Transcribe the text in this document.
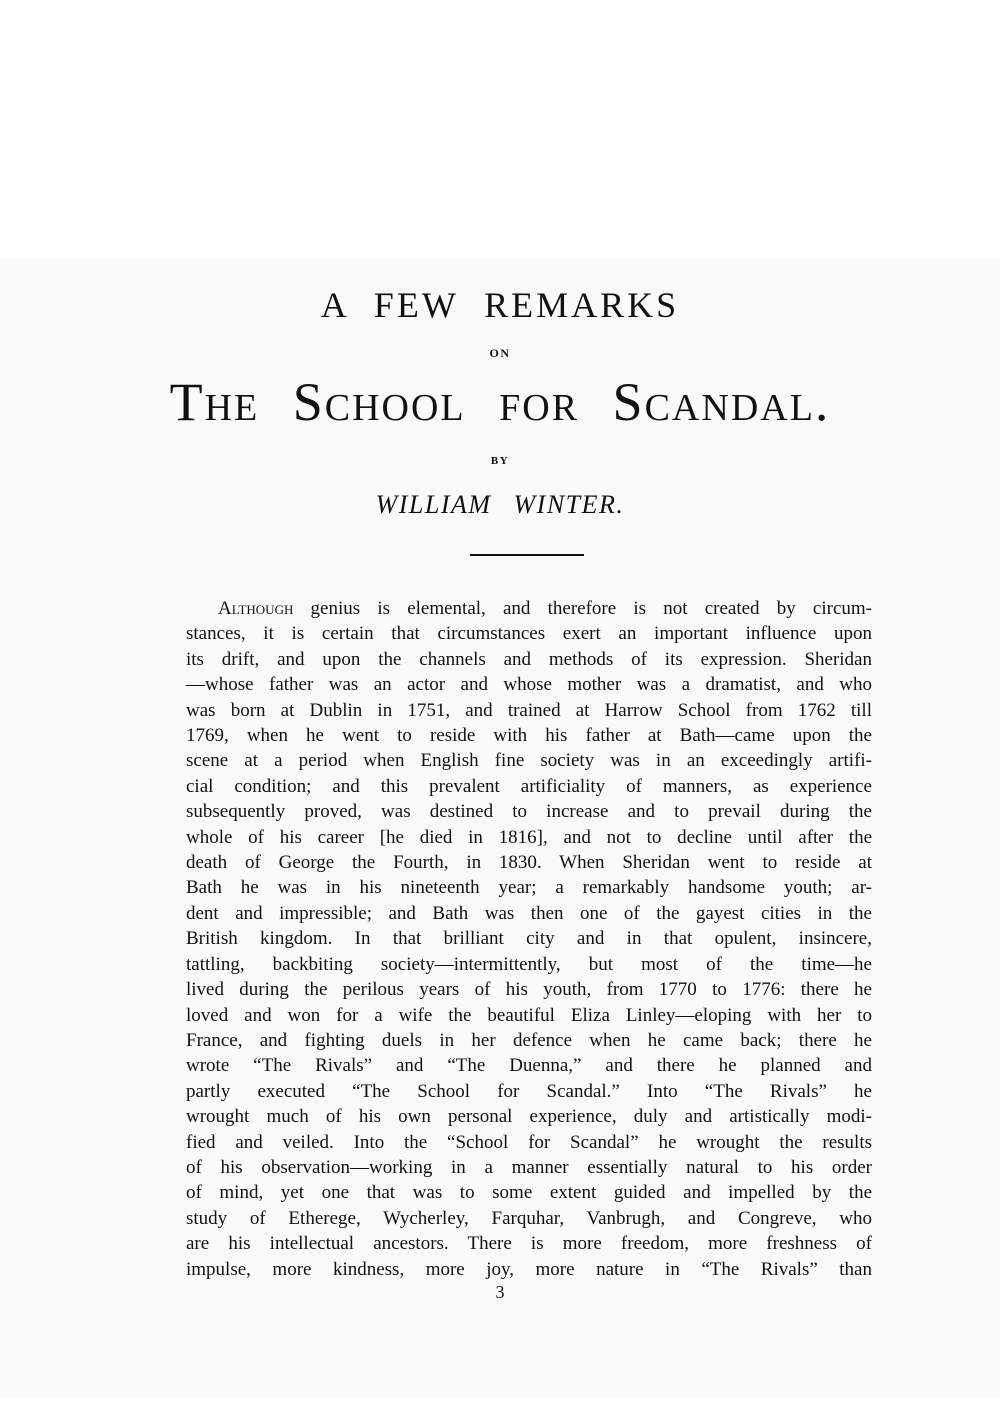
A FEW REMARKS
ON
The School for Scandal.
BY
WILLIAM WINTER.
Although genius is elemental, and therefore is not created by circum-
stances, it is certain that circumstances exert an important influence upon
its drift, and upon the channels and methods of its expression. Sheridan
—whose father was an actor and whose mother was a dramatist, and who
was born at Dublin in 1751, and trained at Harrow School from 1762 till
1769, when he went to reside with his father at Bath—came upon the
scene at a period when English fine society was in an exceedingly artifi-
cial condition; and this prevalent artificiality of manners, as experience
subsequently proved, was destined to increase and to prevail during the
whole of his career [he died in 1816], and not to decline until after the
death of George the Fourth, in 1830. When Sheridan went to reside at
Bath he was in his nineteenth year; a remarkably handsome youth; ar-
dent and impressible; and Bath was then one of the gayest cities in the
British kingdom. In that brilliant city and in that opulent, insincere,
tattling, backbiting society—intermittently, but most of the time—he
lived during the perilous years of his youth, from 1770 to 1776: there he
loved and won for a wife the beautiful Eliza Linley—eloping with her to
France, and fighting duels in her defence when he came back; there he
wrote “The Rivals” and “The Duenna,” and there he planned and
partly executed “The School for Scandal.” Into “The Rivals” he
wrought much of his own personal experience, duly and artistically modi-
fied and veiled. Into the “School for Scandal” he wrought the results
of his observation—working in a manner essentially natural to his order
of mind, yet one that was to some extent guided and impelled by the
study of Etherege, Wycherley, Farquhar, Vanbrugh, and Congreve, who
are his intellectual ancestors. There is more freedom, more freshness of
impulse, more kindness, more joy, more nature in “The Rivals” than
3
